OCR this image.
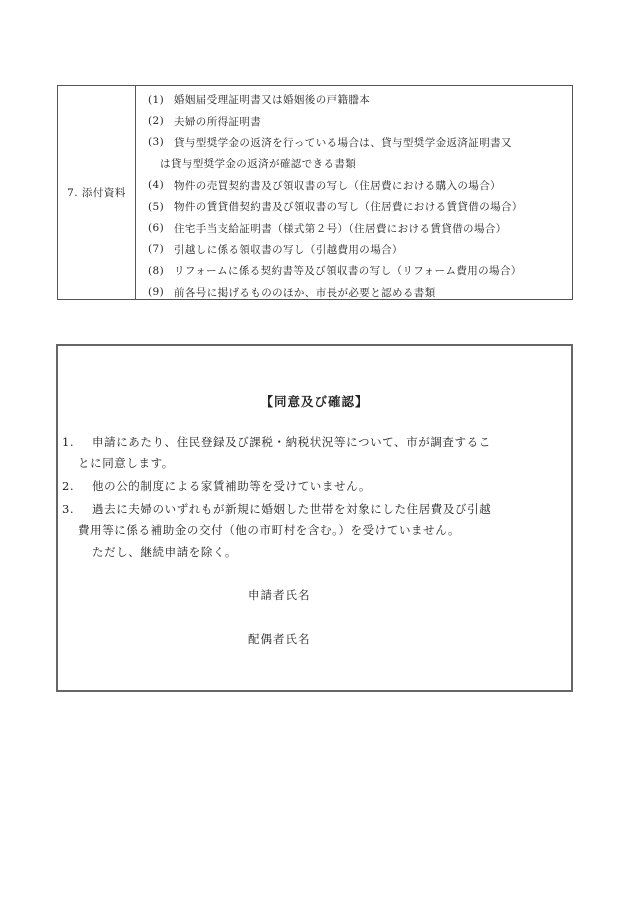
7. 添付資料
(1) 婚姻届受理証明書又は婚姻後の戸籍謄本
(2) 夫婦の所得証明書
(3) 貸与型奨学金の返済を行っている場合は、貸与型奨学金返済証明書又
は貸与型奨学金の返済が確認できる書類
(4) 物件の売買契約書及び領収書の写し（住居費における購入の場合）
(5) 物件の賃貸借契約書及び領収書の写し（住居費における賃貸借の場合）
(6) 住宅手当支給証明書（様式第２号）（住居費における賃貸借の場合）
(7) 引越しに係る領収書の写し（引越費用の場合）
(8) リフォームに係る契約書等及び領収書の写し（リフォーム費用の場合）
(9) 前各号に掲げるもののほか、市長が必要と認める書類
【同意及び確認】
1. 申請にあたり、住民登録及び課税・納税状況等について、市が調査するこ
とに同意します。
2. 他の公的制度による家賃補助等を受けていません。
3. 過去に夫婦のいずれもが新規に婚姻した世帯を対象にした住居費及び引越
費用等に係る補助金の交付（他の市町村を含む。）を受けていません。
ただし、継続申請を除く。
申請者氏名
配偶者氏名
